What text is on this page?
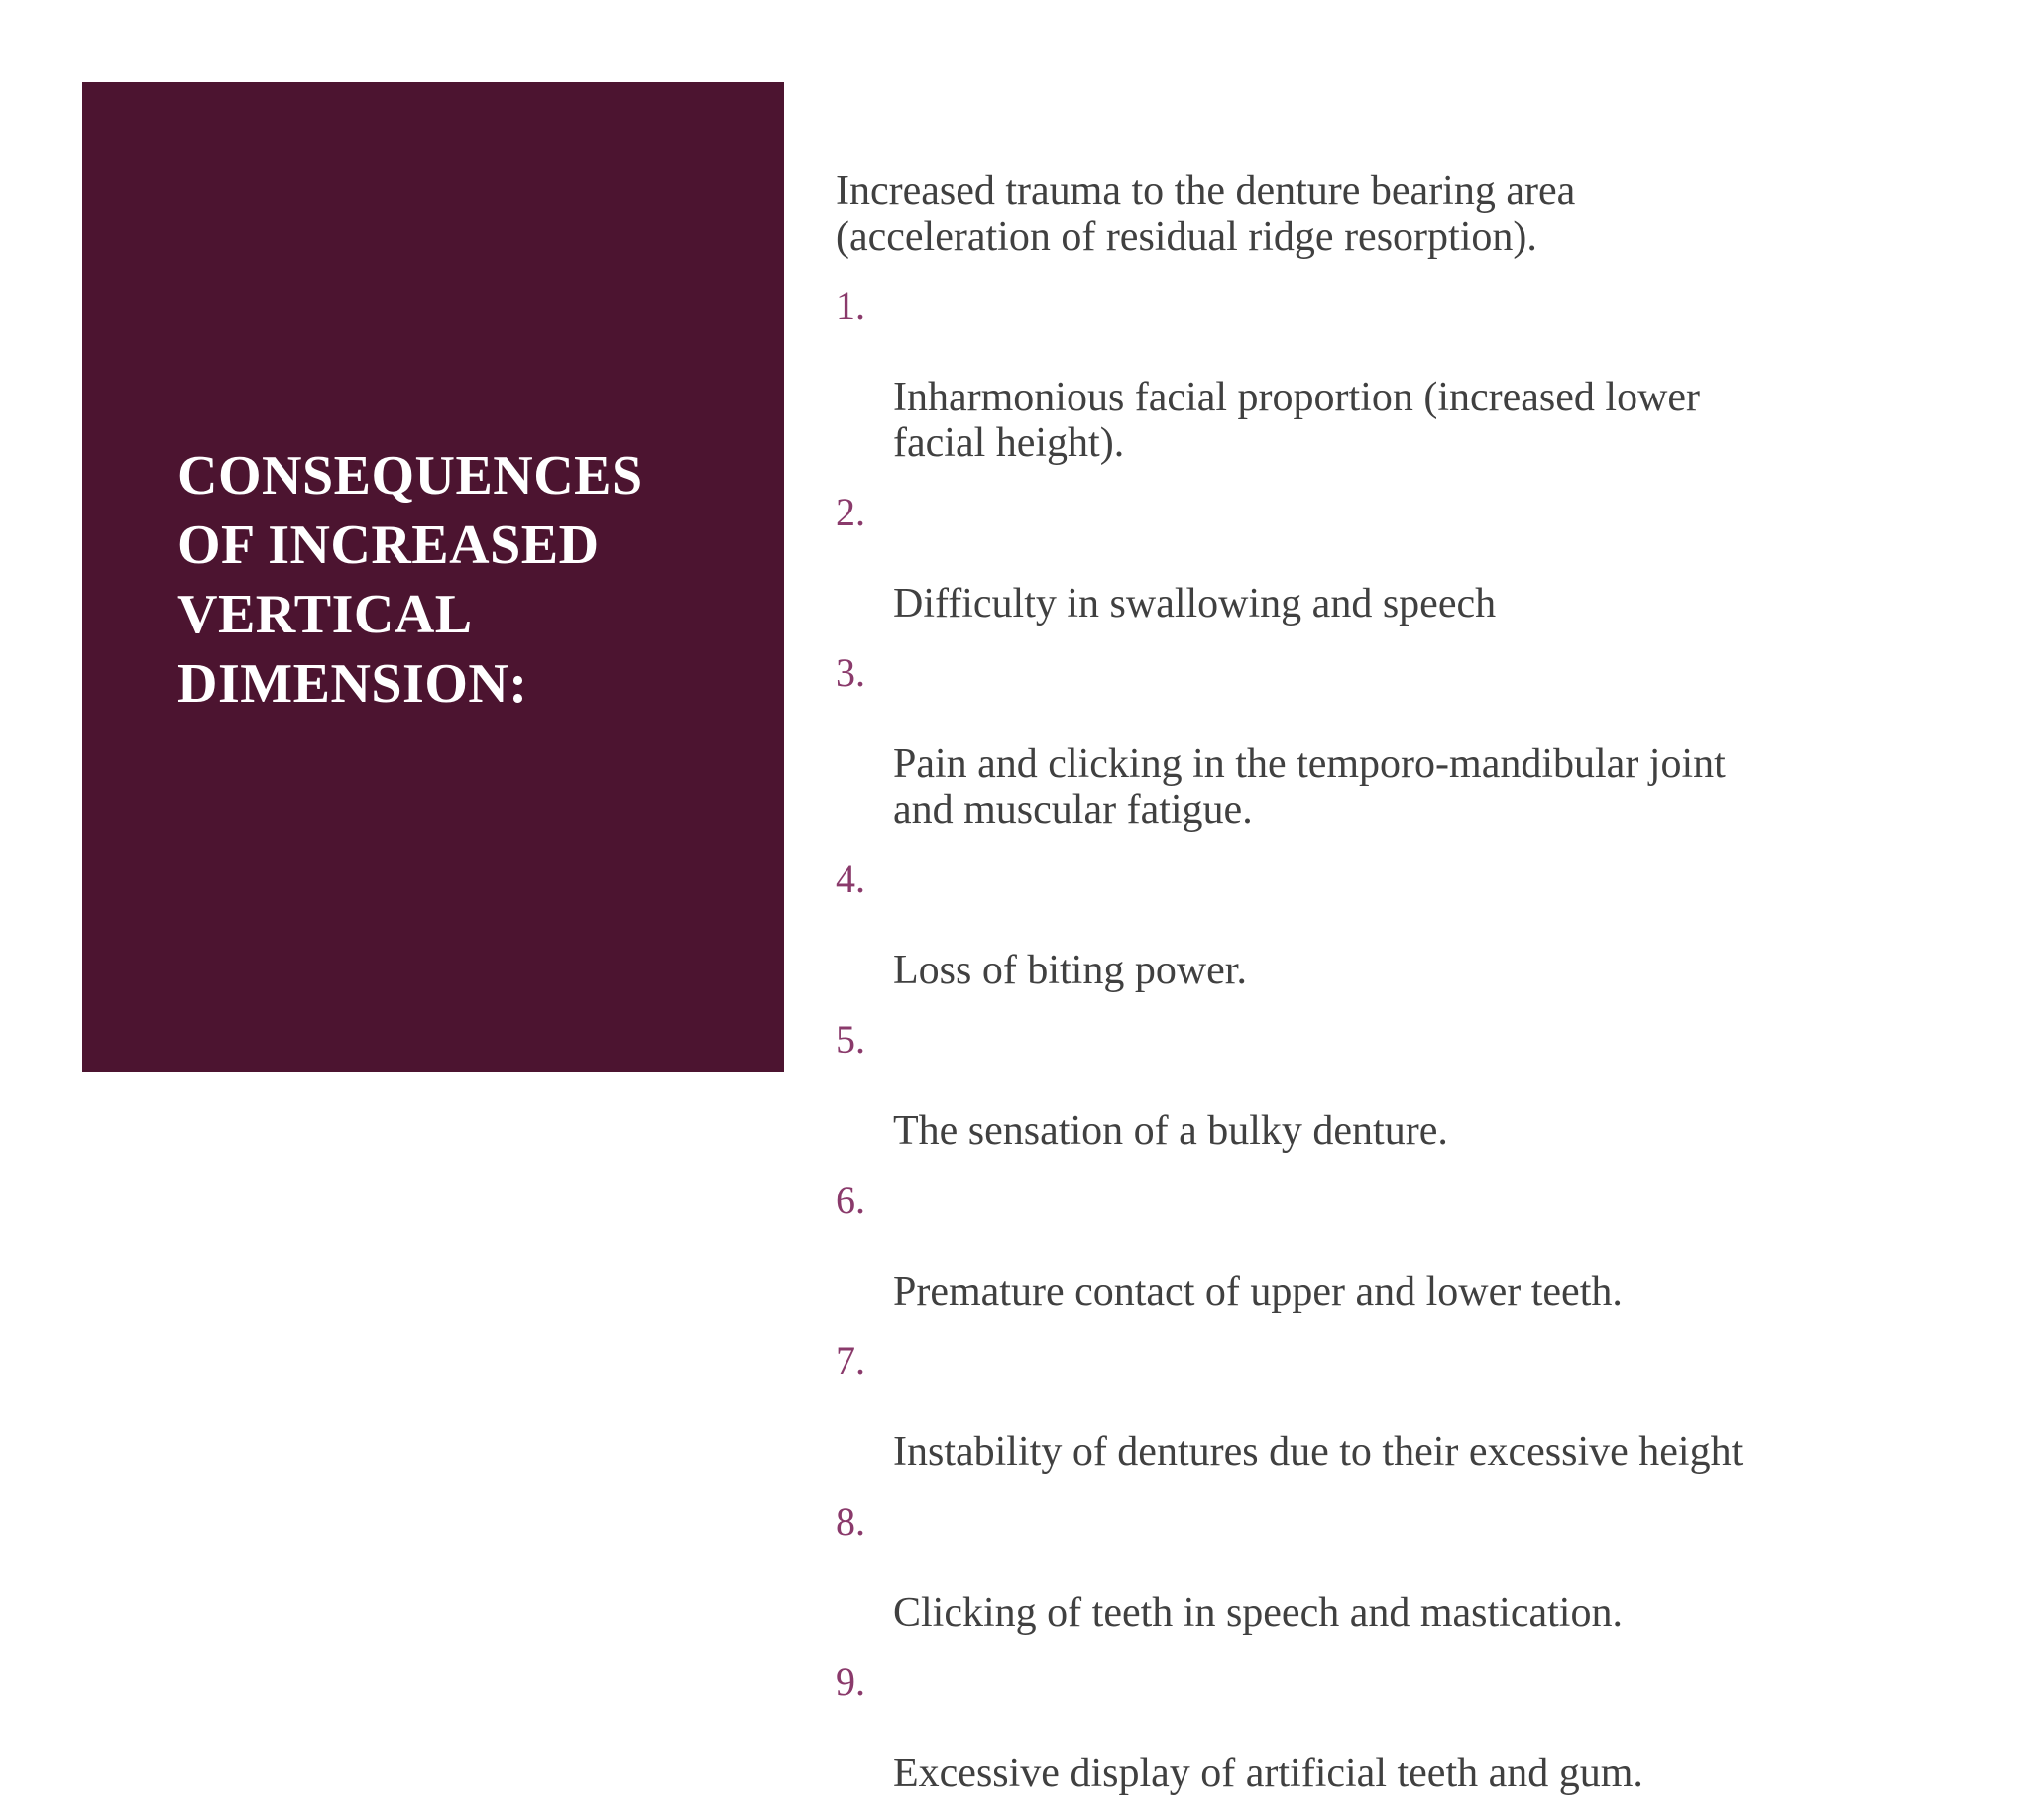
CONSEQUENCES
OF INCREASED
VERTICAL
DIMENSION:

Increased trauma to the denture bearing area
(acceleration of residual ridge resorption).

1.

Inharmonious facial proportion (increased lower
facial height).

2.

Difficulty in swallowing and speech

3.

Pain and clicking in the temporo-mandibular joint
and muscular fatigue.

4.

Loss of biting power.

5.

The sensation of a bulky denture.

6.

Premature contact of upper and lower teeth.

7.

Instability of dentures due to their excessive height

8.

Clicking of teeth in speech and mastication.

9.

Excessive display of artificial teeth and gum.
